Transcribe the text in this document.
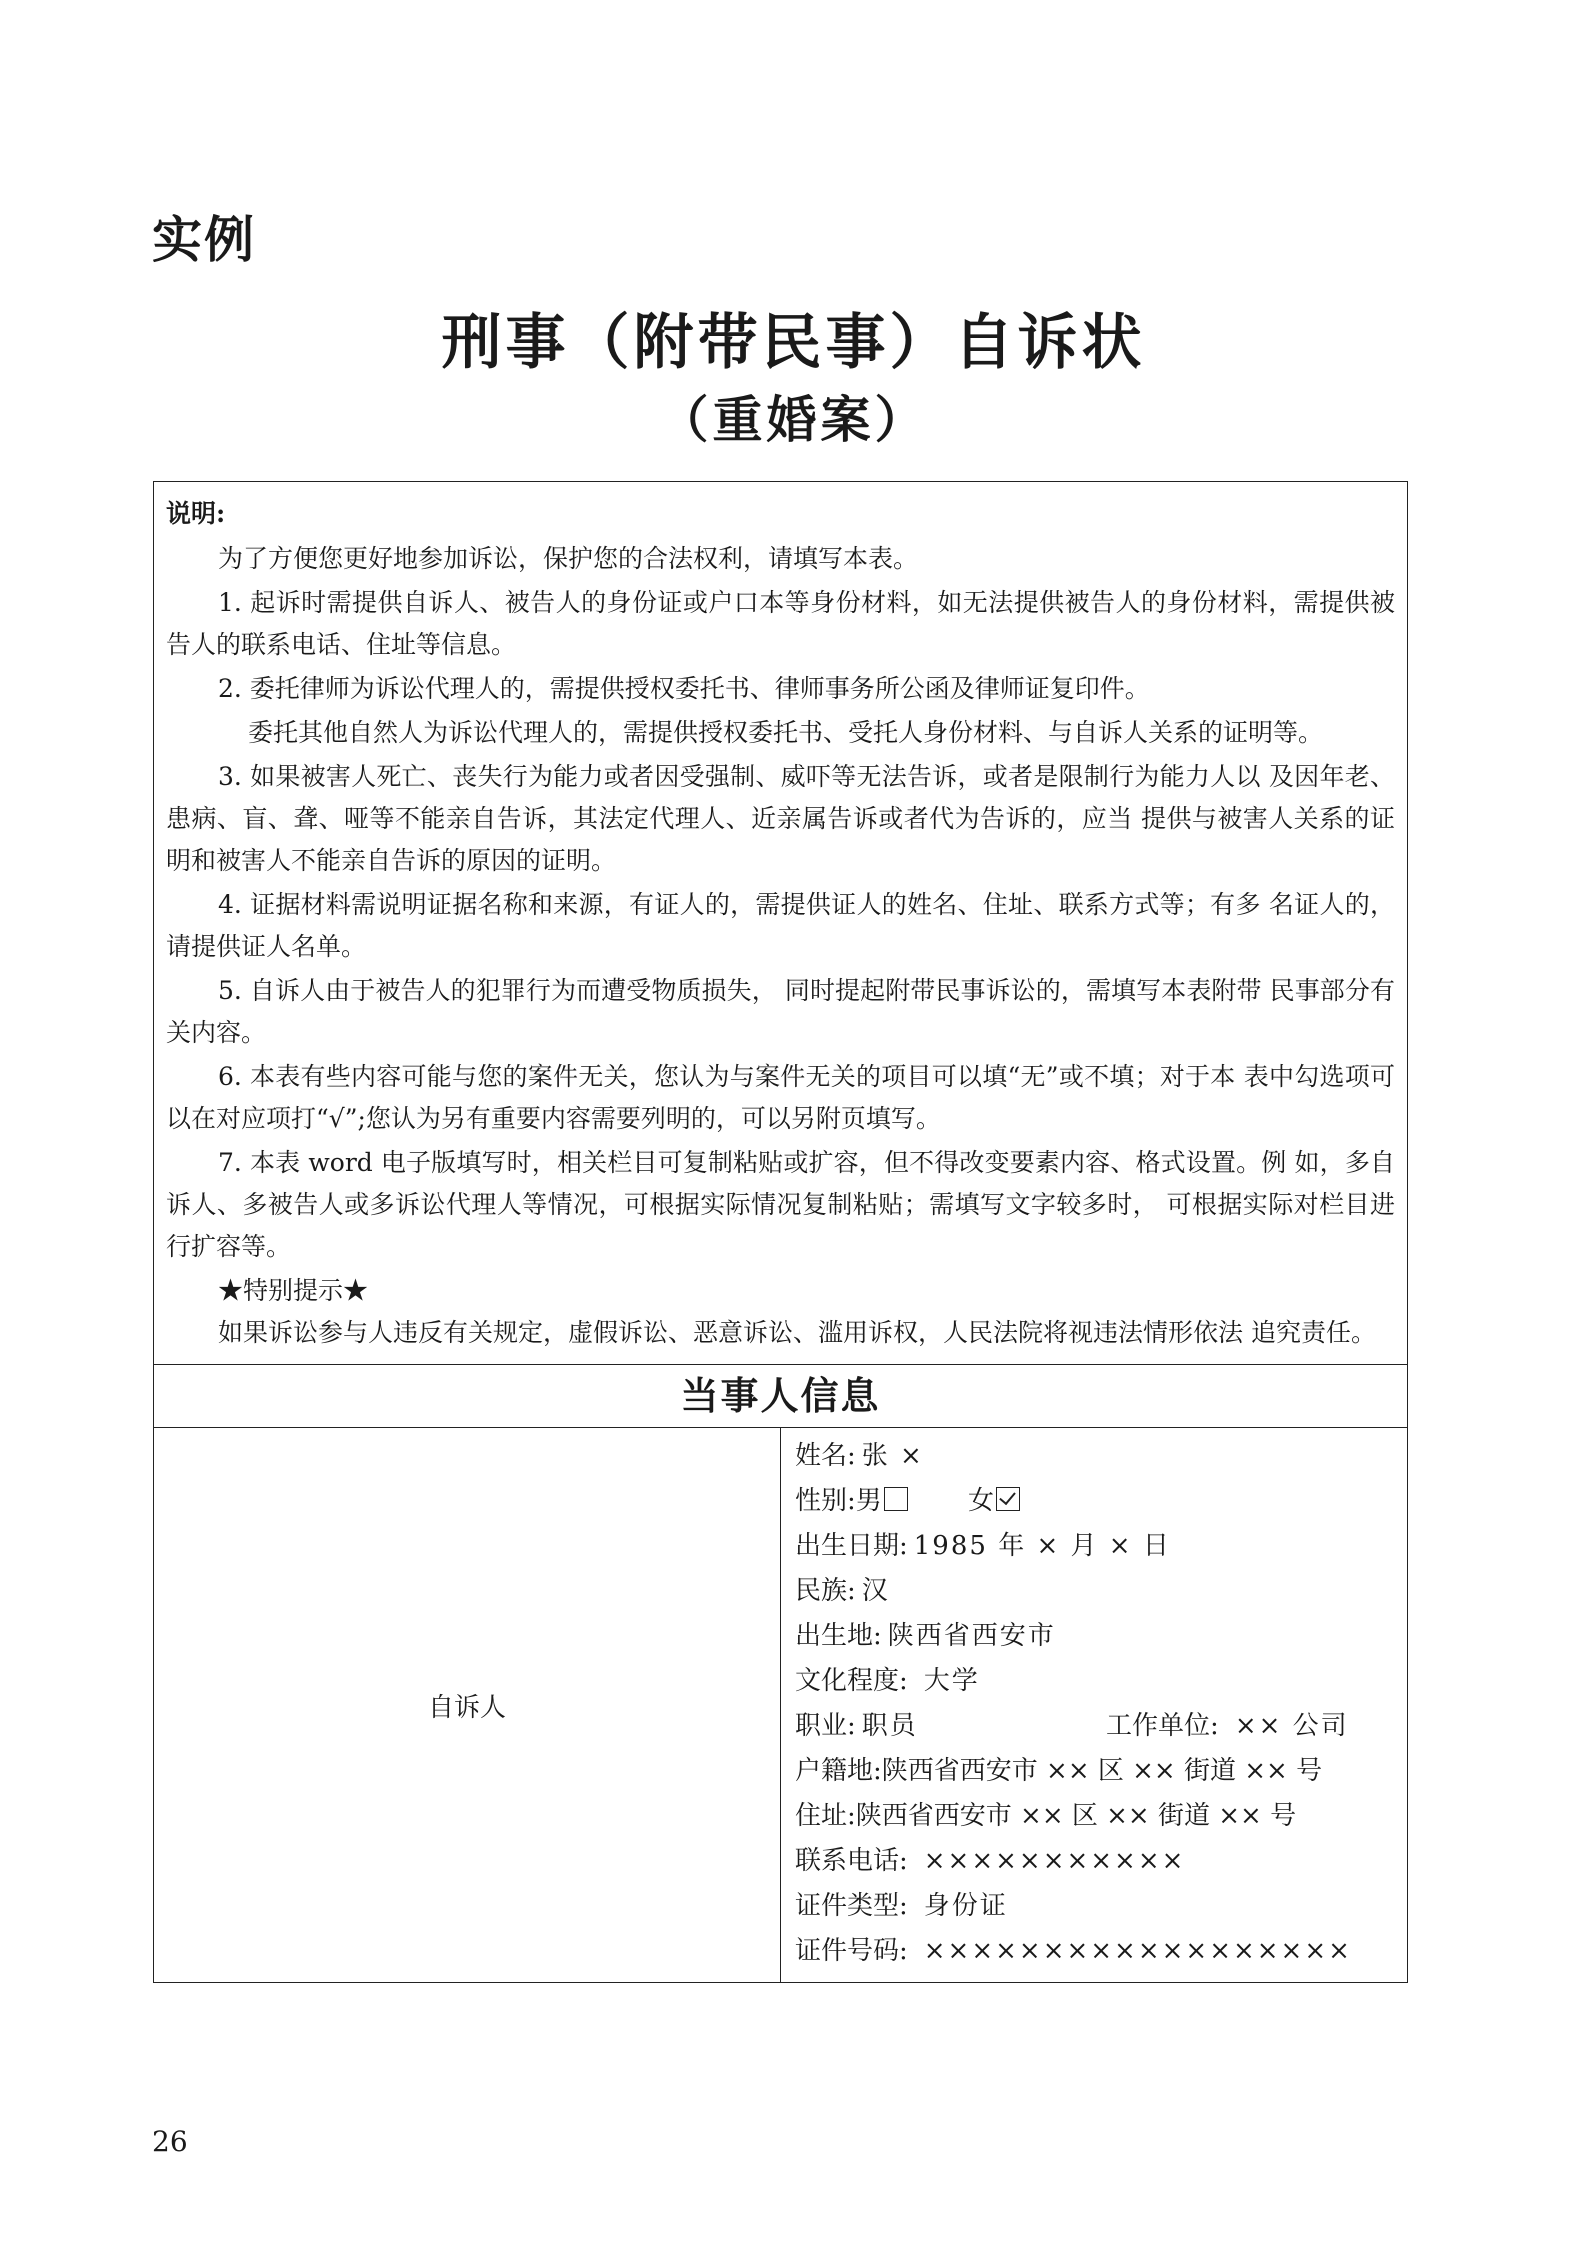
实例
刑事（附带民事）自诉状
（重婚案）
说明:

为了方便您更好地参加诉讼，保护您的合法权利，请填写本表。

1. 起诉时需提供自诉人、被告人的身份证或户口本等身份材料，如无法提供被告人的身份材料，需提供被告人的联系电话、住址等信息。

2. 委托律师为诉讼代理人的，需提供授权委托书、律师事务所公函及律师证复印件。

委托其他自然人为诉讼代理人的，需提供授权委托书、受托人身份材料、与自诉人关系的证明等。

3. 如果被害人死亡、丧失行为能力或者因受强制、威吓等无法告诉，或者是限制行为能力人以 及因年老、患病、盲、聋、哑等不能亲自告诉，其法定代理人、近亲属告诉或者代为告诉的，应当 提供与被害人关系的证明和被害人不能亲自告诉的原因的证明。

4. 证据材料需说明证据名称和来源，有证人的，需提供证人的姓名、住址、联系方式等；有多 名证人的，请提供证人名单。

5. 自诉人由于被告人的犯罪行为而遭受物质损失， 同时提起附带民事诉讼的，需填写本表附带 民事部分有关内容。

6. 本表有些内容可能与您的案件无关，您认为与案件无关的项目可以填“无”或不填；对于本 表中勾选项可以在对应项打“√”;您认为另有重要内容需要列明的，可以另附页填写。

7. 本表 word 电子版填写时，相关栏目可复制粘贴或扩容，但不得改变要素内容、格式设置。例 如，多自诉人、多被告人或多诉讼代理人等情况，可根据实际情况复制粘贴；需填写文字较多时， 可根据实际对栏目进行扩容等。

★特别提示★

如果诉讼参与人违反有关规定，虚假诉讼、恶意诉讼、滥用诉权，人民法院将视违法情形依法 追究责任。

当事人信息
自诉人	
姓名: 张 ×
性别:男	女
出生日期: 1985 年 × 月 × 日
民族: 汉
出生地: 陕西省西安市
文化程度: 大学
职业: 职员	工作单位: ×× 公司
户籍地:陕西省西安市 ×× 区 ×× 街道 ×× 号
住址:陕西省西安市 ×× 区 ×× 街道 ×× 号
联系电话: ×××××××××××
证件类型: 身份证
证件号码: ××××××××××××××××××
26
